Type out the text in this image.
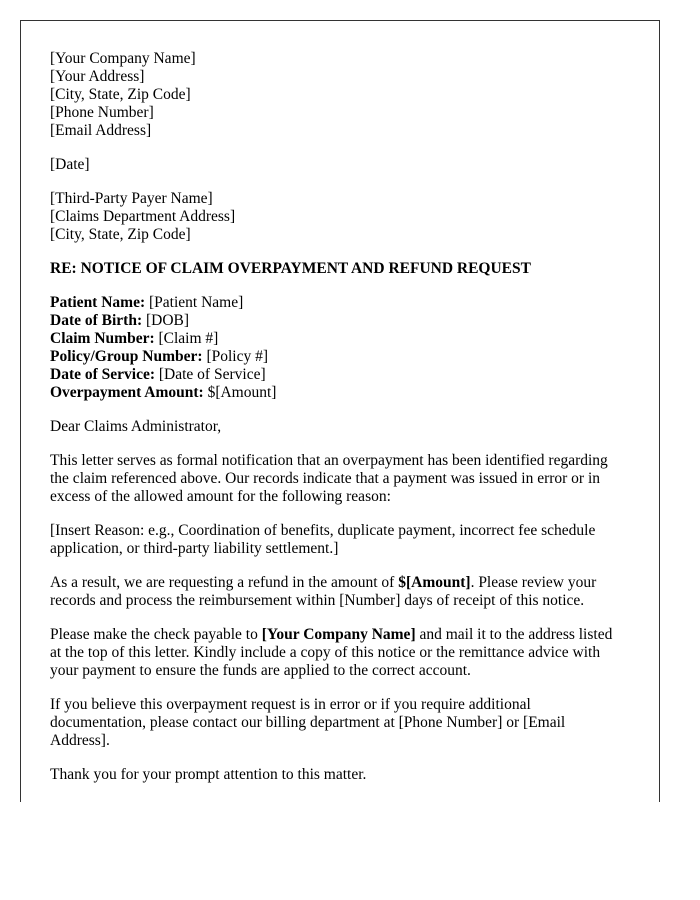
[Your Company Name]
[Your Address]
[City, State, Zip Code]
[Phone Number]
[Email Address]
[Date]
[Third-Party Payer Name]
[Claims Department Address]
[City, State, Zip Code]
RE: NOTICE OF CLAIM OVERPAYMENT AND REFUND REQUEST
Patient Name: [Patient Name]
Date of Birth: [DOB]
Claim Number: [Claim #]
Policy/Group Number: [Policy #]
Date of Service: [Date of Service]
Overpayment Amount: $[Amount]

Dear Claims Administrator,

This letter serves as formal notification that an overpayment has been identified regarding
the claim referenced above. Our records indicate that a payment was issued in error or in
excess of the allowed amount for the following reason:

[Insert Reason: e.g., Coordination of benefits, duplicate payment, incorrect fee schedule
application, or third-party liability settlement.]

As a result, we are requesting a refund in the amount of $[Amount]. Please review your
records and process the reimbursement within [Number] days of receipt of this notice.

Please make the check payable to [Your Company Name] and mail it to the address listed
at the top of this letter. Kindly include a copy of this notice or the remittance advice with
your payment to ensure the funds are applied to the correct account.

If you believe this overpayment request is in error or if you require additional
documentation, please contact our billing department at [Phone Number] or [Email
Address].

Thank you for your prompt attention to this matter.
